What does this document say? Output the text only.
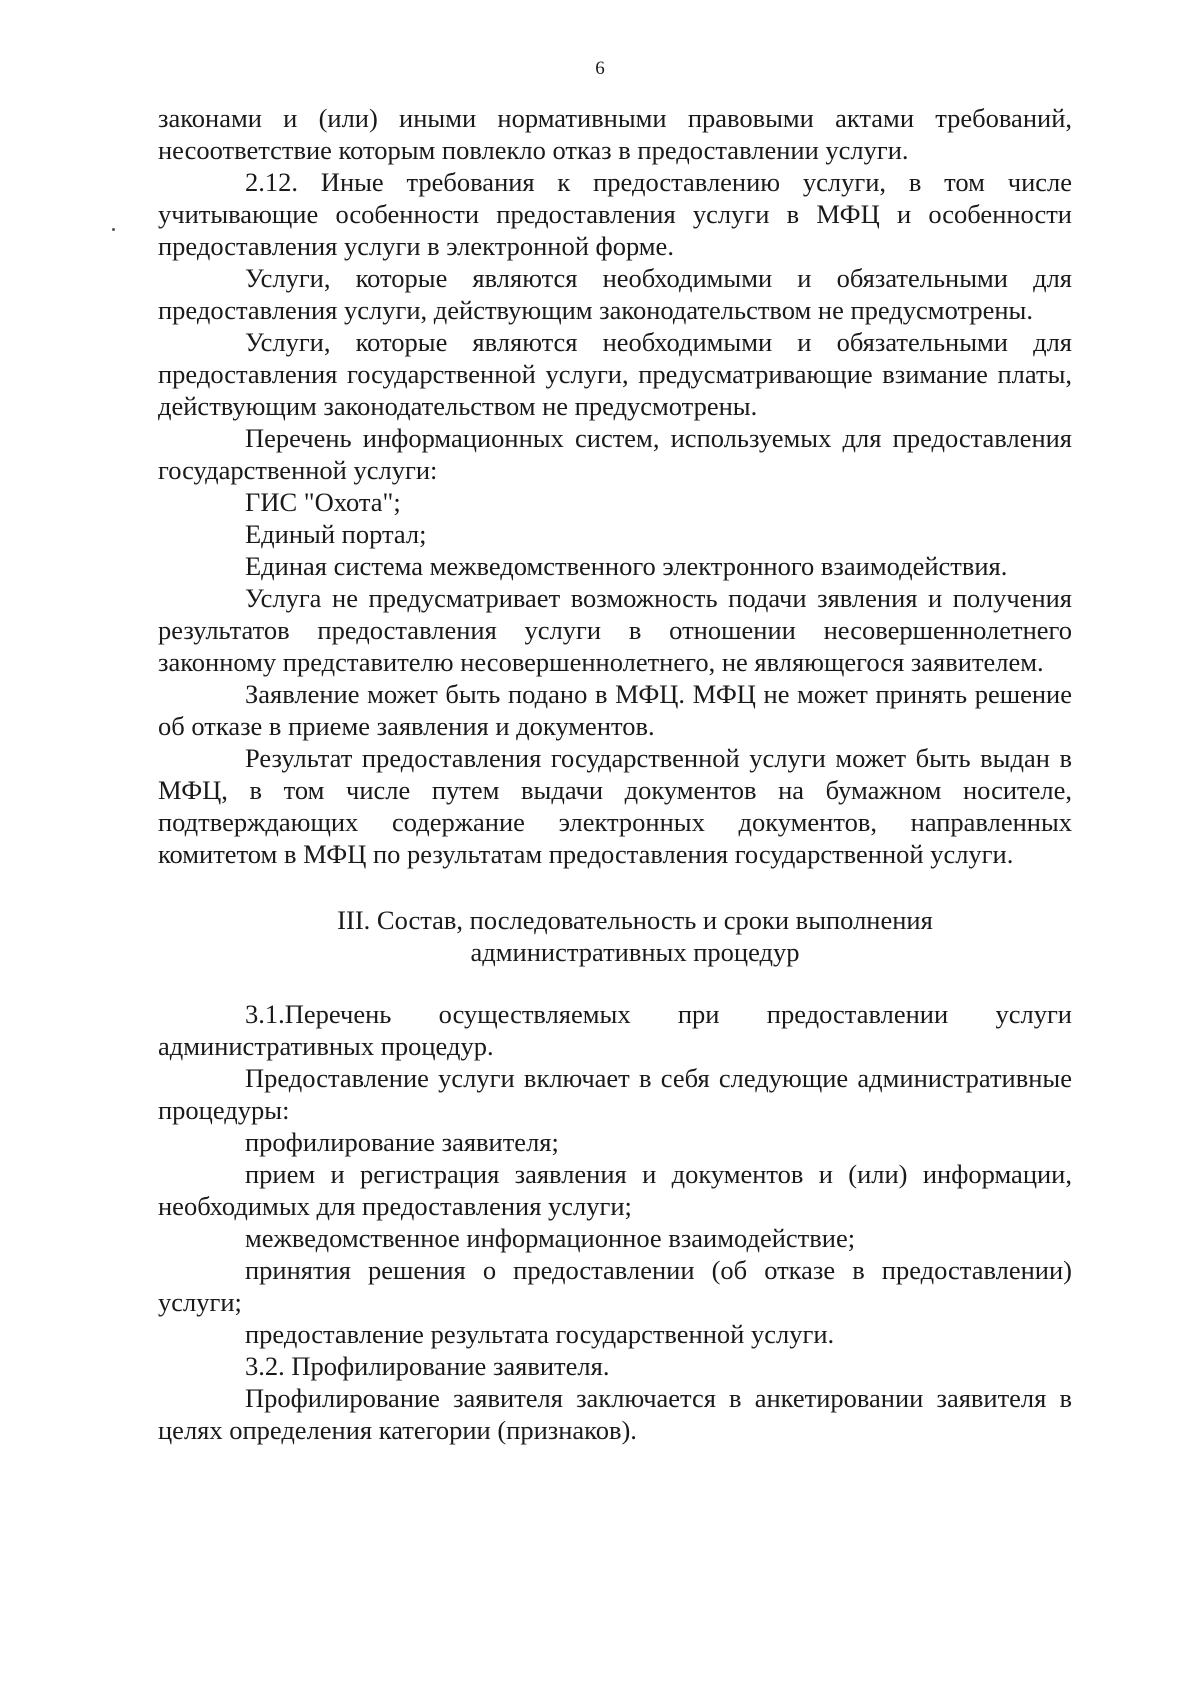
6

законами и (или) иными нормативными правовыми актами требований, несоответствие которым повлекло отказ в предоставлении услуги.

2.12. Иные требования к предоставлению услуги, в том числе учитывающие особенности предоставления услуги в МФЦ и особенности предоставления услуги в электронной форме.

Услуги, которые являются необходимыми и обязательными для предоставления услуги, действующим законодательством не предусмотрены.

Услуги, которые являются необходимыми и обязательными для предоставления государственной услуги, предусматривающие взимание платы, действующим законодательством не предусмотрены.

Перечень информационных систем, используемых для предоставления государственной услуги:

ГИС "Охота";

Единый портал;

Единая система межведомственного электронного взаимодействия.

Услуга не предусматривает возможность подачи зявления и получения результатов предоставления услуги в отношении несовершеннолетнего законному представителю несовершеннолетнего, не являющегося заявителем.

Заявление может быть подано в МФЦ. МФЦ не может принять решение об отказе в приеме заявления и документов.

Результат предоставления государственной услуги может быть выдан в МФЦ, в том числе путем выдачи документов на бумажном носителе, подтверждающих содержание электронных документов, направленных комитетом в МФЦ по результатам предоставления государственной услуги.

III. Состав, последовательность и сроки выполнения
административных процедур

3.1.Перечень осуществляемых при предоставлении услуги административных процедур.

Предоставление услуги включает в себя следующие административные процедуры:

профилирование заявителя;

прием и регистрация заявления и документов и (или) информации, необходимых для предоставления услуги;

межведомственное информационное взаимодействие;

принятия решения о предоставлении (об отказе в предоставлении) услуги;

предоставление результата государственной услуги.

3.2. Профилирование заявителя.

Профилирование заявителя заключается в анкетировании заявителя в целях определения категории (признаков).
